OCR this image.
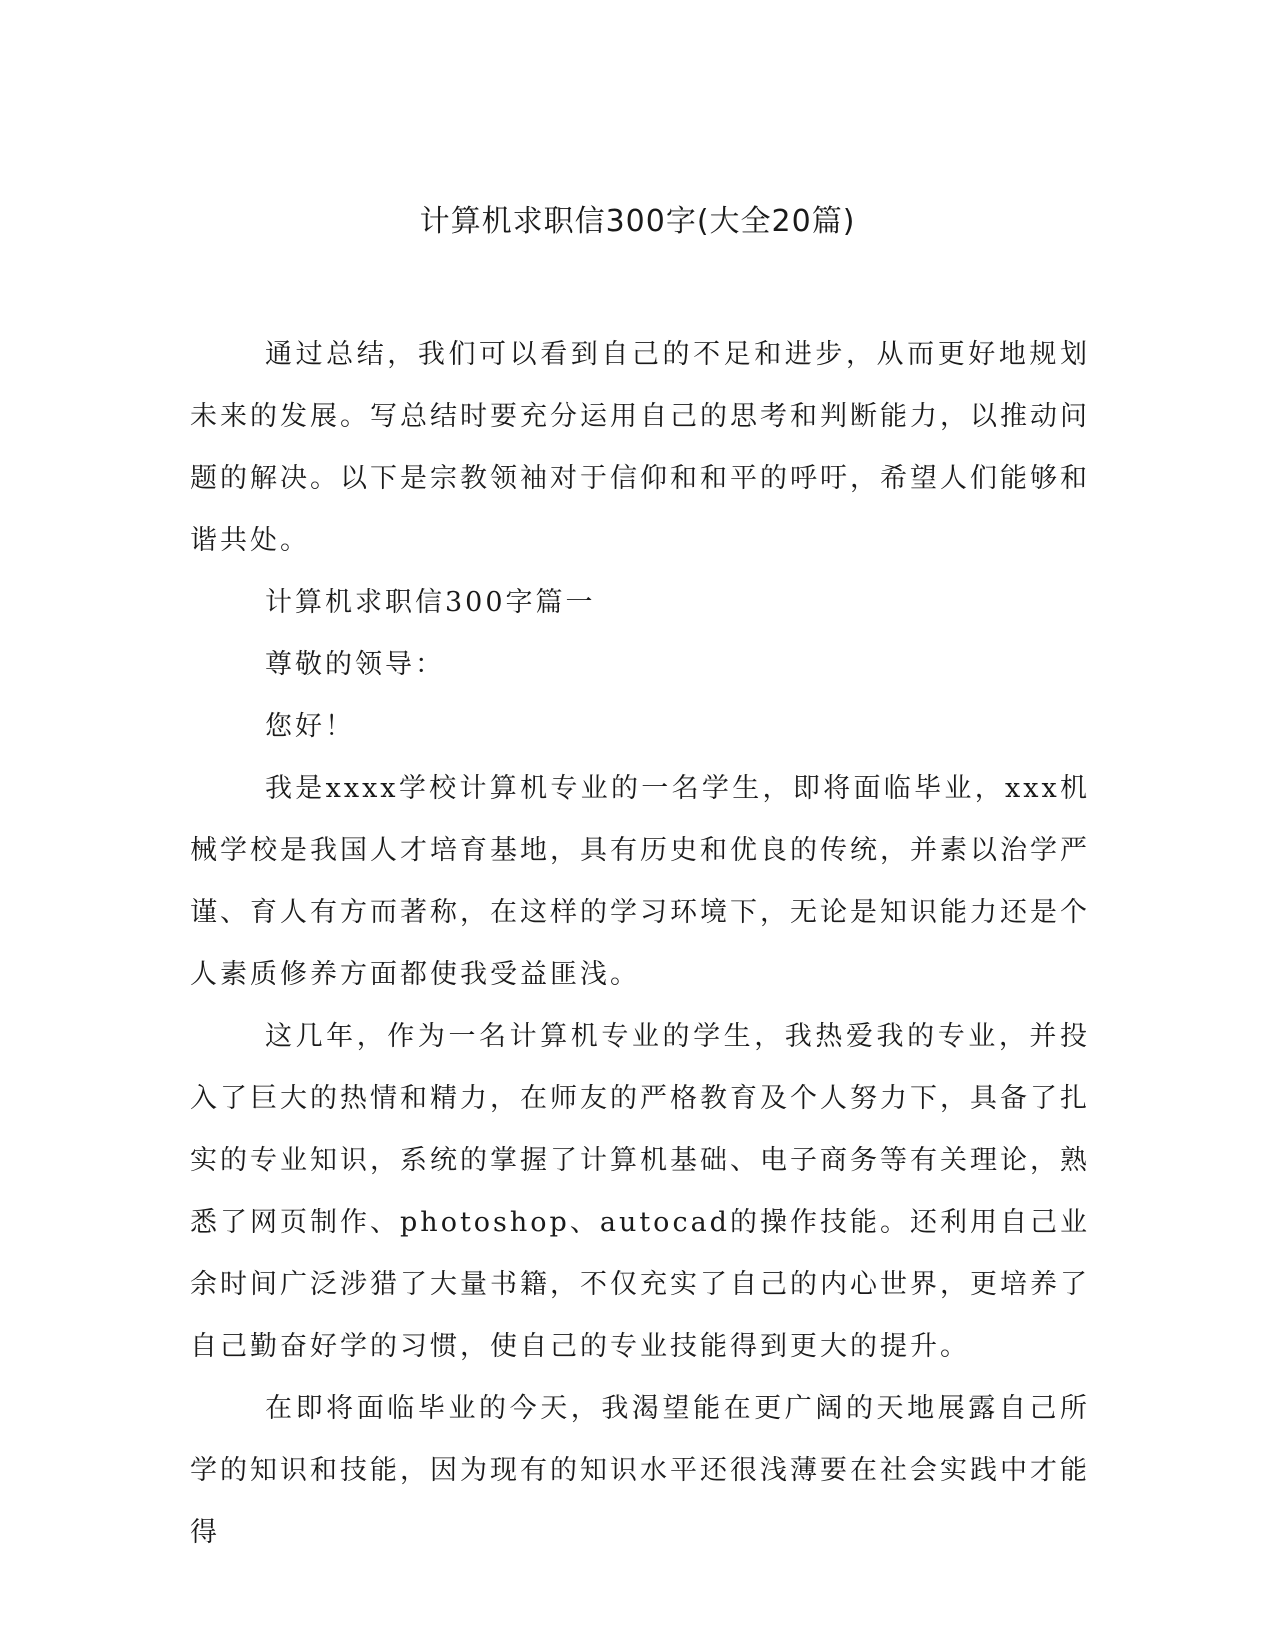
计算机求职信300字(大全20篇)

通过总结，我们可以看到自己的不足和进步，从而更好地规划未来的发展。写总结时要充分运用自己的思考和判断能力，以推动问题的解决。以下是宗教领袖对于信仰和和平的呼吁，希望人们能够和谐共处。

计算机求职信300字篇一

尊敬的领导：

您好！

我是xxxx学校计算机专业的一名学生，即将面临毕业，xxx机械学校是我国人才培育基地，具有历史和优良的传统，并素以治学严谨、育人有方而著称，在这样的学习环境下，无论是知识能力还是个人素质修养方面都使我受益匪浅。

这几年，作为一名计算机专业的学生，我热爱我的专业，并投入了巨大的热情和精力，在师友的严格教育及个人努力下，具备了扎实的专业知识，系统的掌握了计算机基础、电子商务等有关理论，熟悉了网页制作、photoshop、autocad的操作技能。还利用自己业余时间广泛涉猎了大量书籍，不仅充实了自己的内心世界，更培养了自己勤奋好学的习惯，使自己的专业技能得到更大的提升。

在即将面临毕业的今天，我渴望能在更广阔的天地展露自己所学的知识和技能，因为现有的知识水平还很浅薄要在社会实践中才能得
